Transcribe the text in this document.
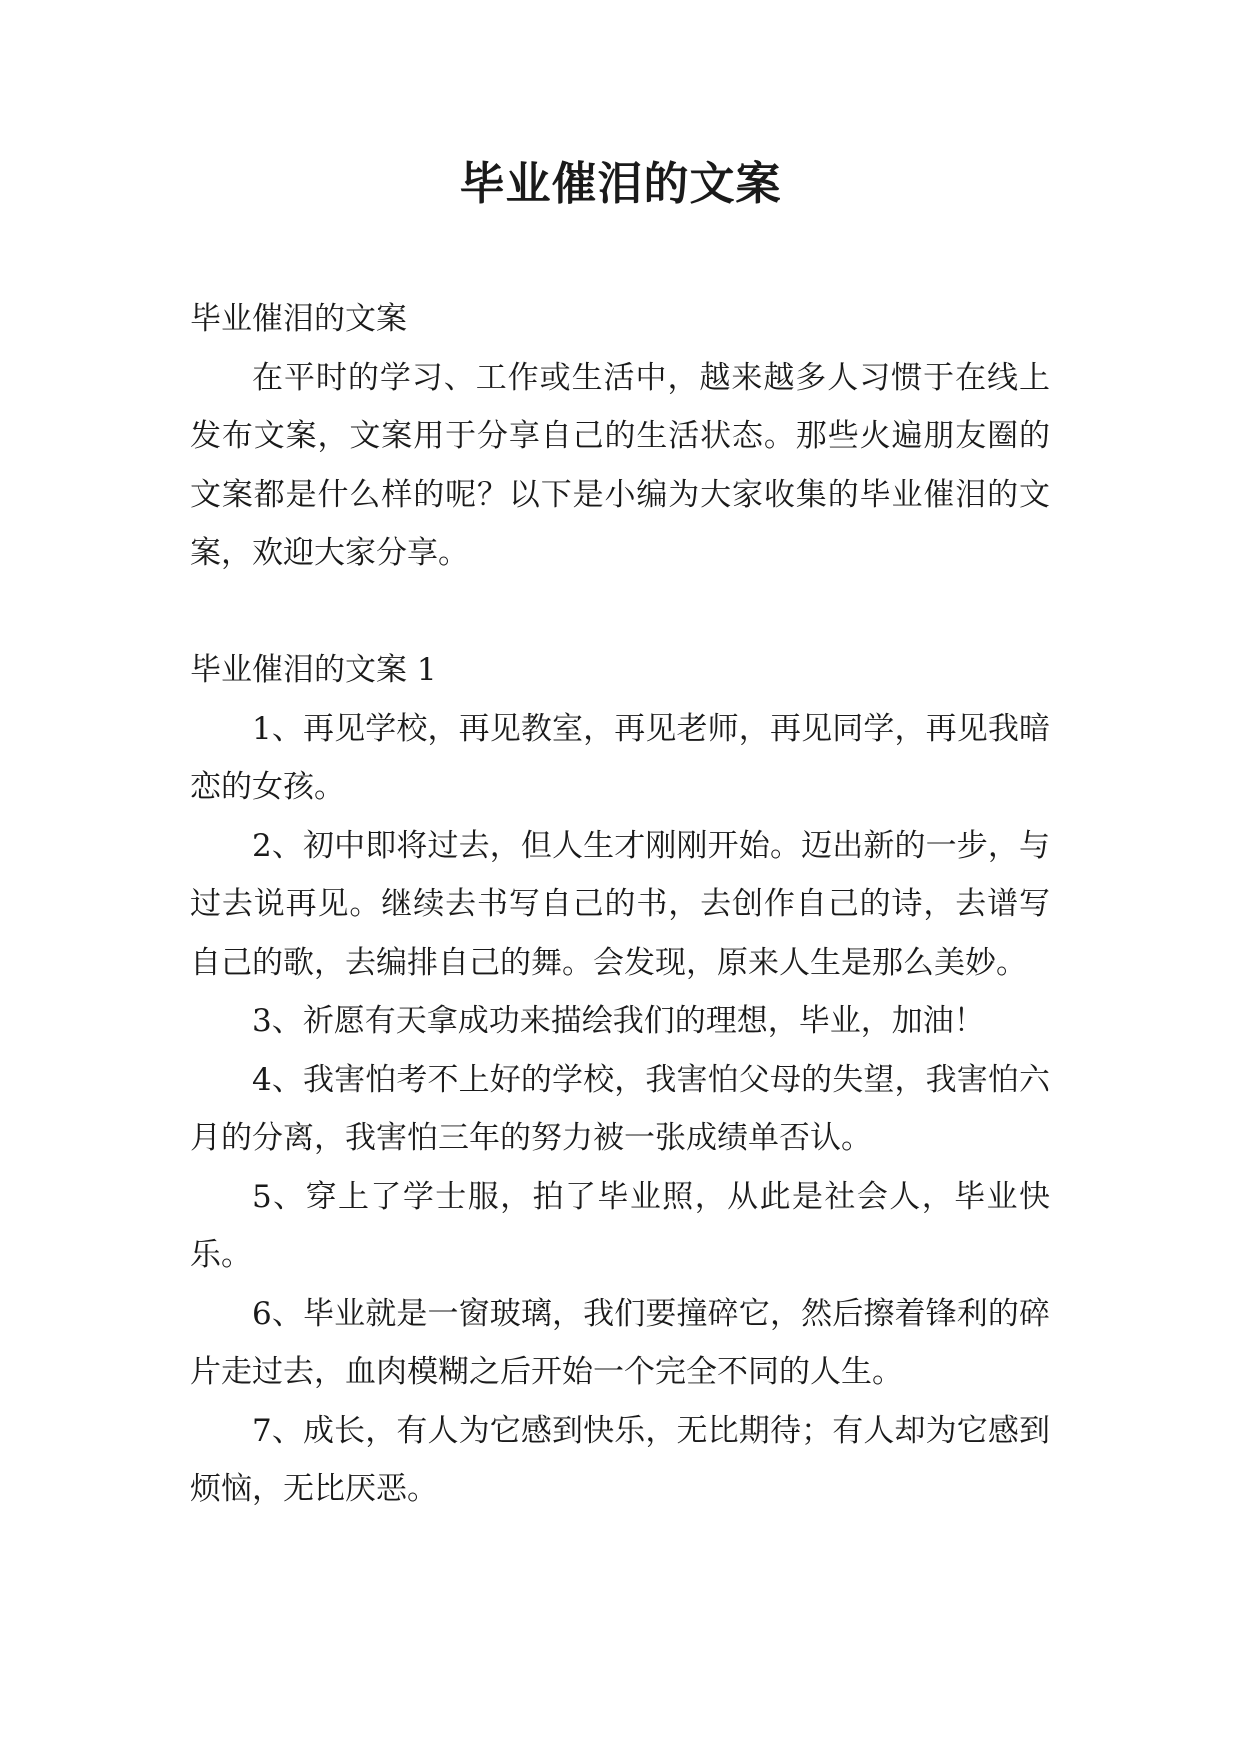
毕业催泪的文案

毕业催泪的文案

在平时的学习、工作或生活中，越来越多人习惯于在线上发布文案，文案用于分享自己的生活状态。那些火遍朋友圈的文案都是什么样的呢？以下是小编为大家收集的毕业催泪的文案，欢迎大家分享。

毕业催泪的文案 1

1、再见学校，再见教室，再见老师，再见同学，再见我暗恋的女孩。

2、初中即将过去，但人生才刚刚开始。迈出新的一步，与过去说再见。继续去书写自己的书，去创作自己的诗，去谱写自己的歌，去编排自己的舞。会发现，原来人生是那么美妙。

3、祈愿有天拿成功来描绘我们的理想，毕业，加油！

4、我害怕考不上好的学校，我害怕父母的失望，我害怕六月的分离，我害怕三年的努力被一张成绩单否认。

5、穿上了学士服，拍了毕业照，从此是社会人，毕业快乐。

6、毕业就是一窗玻璃，我们要撞碎它，然后擦着锋利的碎片走过去，血肉模糊之后开始一个完全不同的人生。

7、成长，有人为它感到快乐，无比期待；有人却为它感到烦恼，无比厌恶。
